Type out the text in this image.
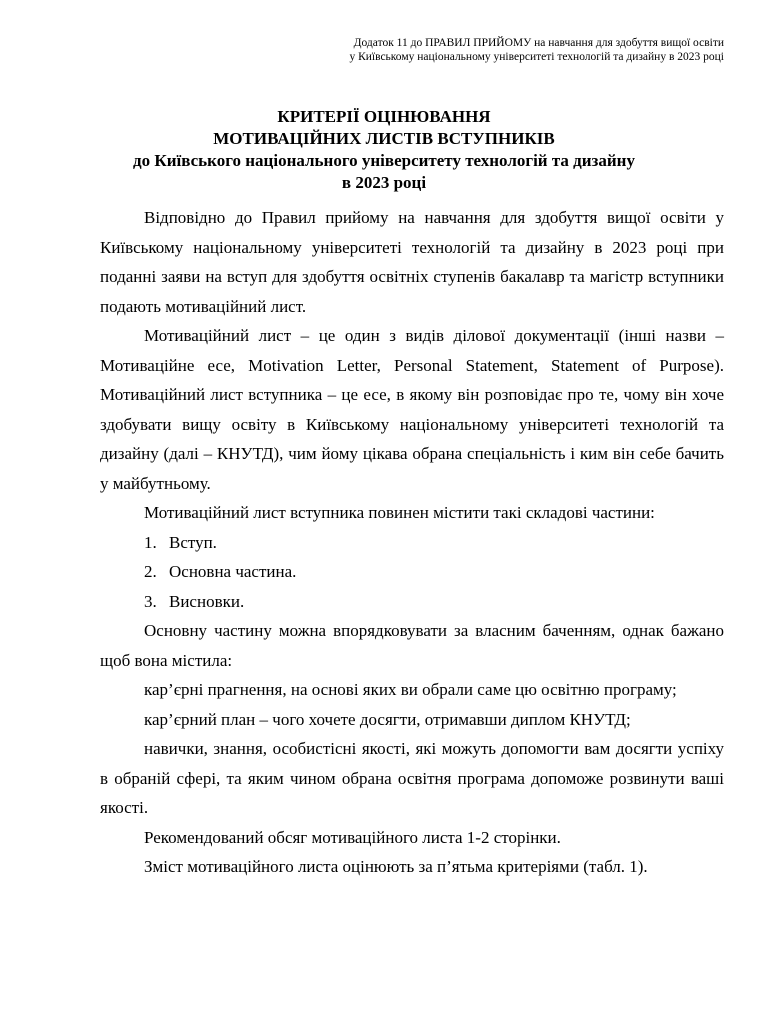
Додаток 11 до ПРАВИЛ ПРИЙОМУ на навчання для здобуття вищої освіти
у Київському національному університеті технологій та дизайну в 2023 році
КРИТЕРІЇ ОЦІНЮВАННЯ
МОТИВАЦІЙНИХ ЛИСТІВ ВСТУПНИКІВ
до Київського національного університету технологій та дизайну
в 2023 році

Відповідно до Правил прийому на навчання для здобуття вищої освіти у Київському національному університеті технологій та дизайну в 2023 році при поданні заяви на вступ для здобуття освітніх ступенів бакалавр та магістр вступники подають мотиваційний лист.

Мотиваційний лист – це один з видів ділової документації (інші назви – Мотиваційне есе, Motivation Letter, Personal Statement, Statement of Purpose). Мотиваційний лист вступника – це есе, в якому він розповідає про те, чому він хоче здобувати вищу освіту в Київському національному університеті технологій та дизайну (далі – КНУТД), чим йому цікава обрана спеціальність і ким він себе бачить у майбутньому.

Мотиваційний лист вступника повинен містити такі складові частини:

1. Вступ.

2. Основна частина.

3. Висновки.

Основну частину можна впорядковувати за власним баченням, однак бажано щоб вона містила:

кар’єрні прагнення, на основі яких ви обрали саме цю освітню програму;

кар’єрний план – чого хочете досягти, отримавши диплом КНУТД;

навички, знання, особистісні якості, які можуть допомогти вам досягти успіху в обраній сфері, та яким чином обрана освітня програма допоможе розвинути ваші якості.

Рекомендований обсяг мотиваційного листа 1-2 сторінки.

Зміст мотиваційного листа оцінюють за п’ятьма критеріями (табл. 1).
